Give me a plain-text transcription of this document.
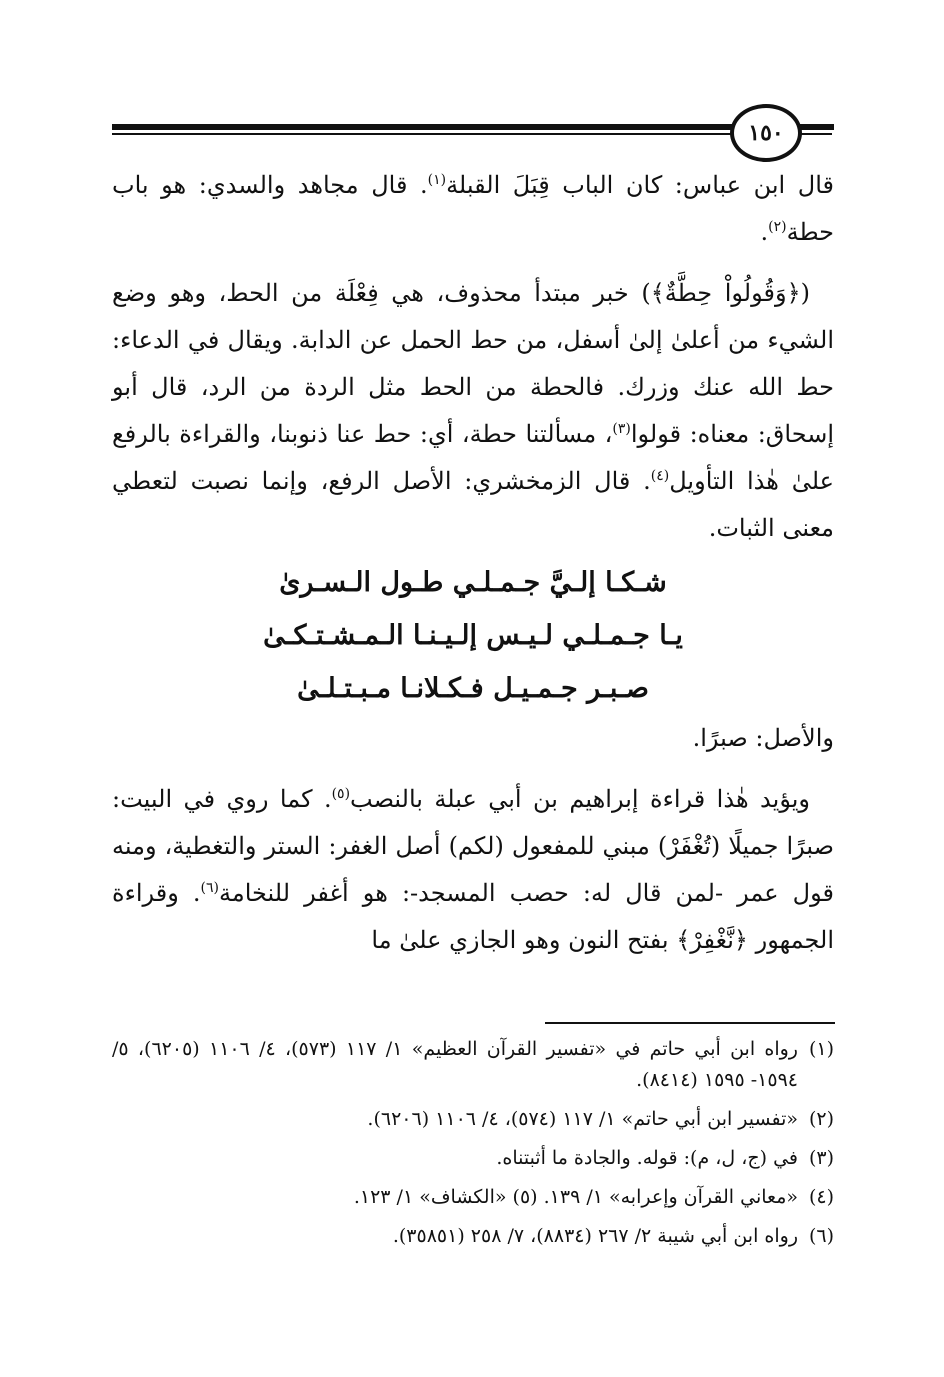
١٥٠

قال ابن عباس: كان الباب قِبَلَ القبلة$^{(١)}$. قال مجاهد والسدي: هو باب حطة$^{(٢)}$.

(﴿وَقُولُواْ حِطَّةٌ﴾) خبر مبتدأ محذوف، هي فِعْلَة من الحط، وهو وضع الشيء من أعلىٰ إلىٰ أسفل، من حط الحمل عن الدابة. ويقال في الدعاء: حط الله عنك وزرك. فالحطة من الحط مثل الردة من الرد، قال أبو إسحاق: معناه: قولوا$^{(٣)}$، مسألتنا حطة، أي: حط عنا ذنوبنا، والقراءة بالرفع علىٰ هٰذا التأويل$^{(٤)}$. قال الزمخشري: الأصل الرفع، وإنما نصبت لتعطي معنى الثبات.

شـكـا إلـيَّ جـمـلـي طـول الـسـرىٰ
يـا جـمـلـي لـيـس إلـيـنـا الـمـشـتـكـىٰ
صـبـر جـمـيـل فـكـلانـا مـبـتـلـىٰ

والأصل: صبرًا.

ويؤيد هٰذا قراءة إبراهيم بن أبي عبلة بالنصب$^{(٥)}$. كما روي في البيت: صبرًا جميلًا (تُغْفَرْ) مبني للمفعول (لكم) أصل الغفر: الستر والتغطية، ومنه قول عمر -لمن قال له: حصب المسجد-: هو أغفر للنخامة$^{(٦)}$. وقراءة الجمهور ﴿نَّغْفِرْ﴾ بفتح النون وهو الجازي علىٰ ما

(١)
رواه ابن أبي حاتم في «تفسير القرآن العظيم» ١/ ١١٧ (٥٧٣)، ٤/ ١١٠٦ (٦٢٠٥)، ٥/ ١٥٩٤- ١٥٩٥ (٨٤١٤).
(٢)
«تفسير ابن أبي حاتم» ١/ ١١٧ (٥٧٤)، ٤/ ١١٠٦ (٦٢٠٦).
(٣)
في (ج، ل، م): قوله. والجادة ما أثبتناه.
(٤)
«معاني القرآن وإعرابه» ١/ ١٣٩. (٥) «الكشاف» ١/ ١٢٣.
(٦)
رواه ابن أبي شيبة ٢/ ٢٦٧ (٨٨٣٤)، ٧/ ٢٥٨ (٣٥٨٥١).
